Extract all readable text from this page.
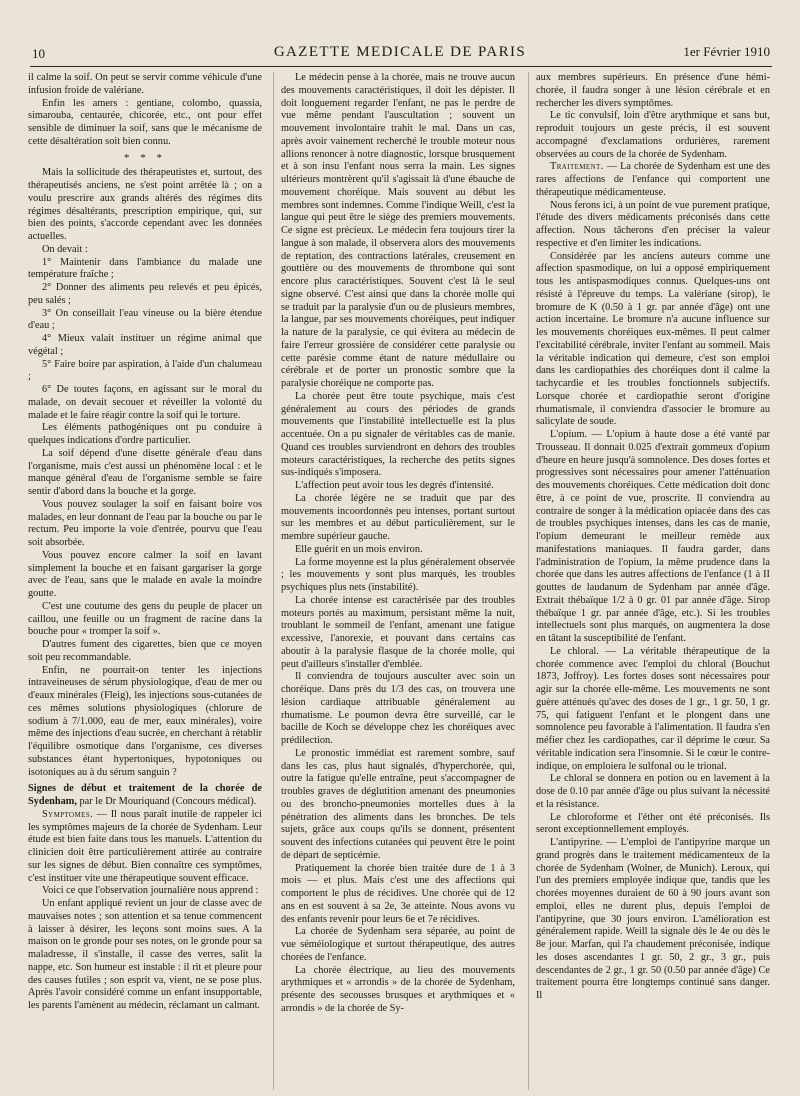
10	GAZETTE MEDICALE DE PARIS	1er Février 1910

il calme la soif. On peut se servir comme véhicule d'une infusion froide de valériane.

Enfin les amers : gentiane, colombo, quassia, simarouba, centaurée, chicorée, etc., ont pour effet sensible de diminuer la soif, sans que le mécanisme de cette désaltération soit bien connu.

* * *

Mais la sollicitude des thérapeutistes et, surtout, des thérapeutisés anciens, ne s'est point arrêtée là ; on a voulu prescrire aux grands altérés des régimes dits régimes désaltérants, prescription empirique, qui, sur bien des points, s'accorde cependant avec les données actuelles.

On devait :

1° Maintenir dans l'ambiance du malade une température fraîche ;

2° Donner des aliments peu relevés et peu épicés, peu salés ;

3° On conseillait l'eau vineuse ou la bière étendue d'eau ;

4° Mieux valait instituer un régime animal que végétal ;

5° Faire boire par aspiration, à l'aide d'un chalumeau ;

6° De toutes façons, en agissant sur le moral du malade, on devait secouer et réveiller la volonté du malade et le faire réagir contre la soif qui le torture.

Les éléments pathogéniques ont pu conduire à quelques indications d'ordre particulier.

La soif dépend d'une disette générale d'eau dans l'organisme, mais c'est aussi un phénomène local : et le manque général d'eau de l'organisme semble se faire sentir d'abord dans la bouche et la gorge.

Vous pouvez soulager la soif en faisant boire vos malades, en leur donnant de l'eau par la bouche ou par le rectum. Peu importe la voie d'entrée, pourvu que l'eau soit absorbée.

Vous pouvez encore calmer la soif en lavant simplement la bouche et en faisant gargariser la gorge avec de l'eau, sans que le malade en avale la moindre goutte.

C'est une coutume des gens du peuple de placer un caillou, une feuille ou un fragment de racine dans la bouche pour « tromper la soif ».

D'autres fument des cigarettes, bien que ce moyen soit peu recommandable.

Enfin, ne pourrait-on tenter les injections intraveineuses de sérum physiologique, d'eau de mer ou d'eaux minérales (Fleig), les injections sous-cutanées de ces mêmes solutions physiologiques (chlorure de sodium à 7/1.000, eau de mer, eaux minérales), voire même des injections d'eau sucrée, en cherchant à rétablir l'équilibre osmotique dans l'organisme, ces diverses substances étant hypertoniques, hypotoniques ou isotoniques au à du sérum sanguin ?

Signes de début et traitement de la chorée de Sydenham, par le Dr Mouriquand (Concours médical).

Symptomes. — Il nous paraît inutile de rappeler ici les symptômes majeurs de la chorée de Sydenham. Leur étude est bien faite dans tous les manuels. L'attention du clinicien doit être particulièrement attirée au contraire sur les signes de début. Bien connaître ces symptômes, c'est instituer vite une thérapeutique souvent efficace.

Voici ce que l'observation journalière nous apprend :

Un enfant appliqué revient un jour de classe avec de mauvaises notes ; son attention et sa tenue commencent à laisser à désirer, les leçons sont moins sues. A la maison on le gronde pour ses notes, on le gronde pour sa maladresse, il s'installe, il casse des verres, salit la nappe, etc. Son humeur est instable : il rit et pleure pour des causes futiles ; son esprit va, vient, ne se pose plus. Après l'avoir considéré comme un enfant insupportable, les parents l'amènent au médecin, réclamant un calmant.

Le médecin pense à la chorée, mais ne trouve aucun des mouvements caractéristiques, il doit les dépister. Il doit longuement regarder l'enfant, ne pas le perdre de vue même pendant l'auscultation ; souvent un mouvement involontaire trahit le mal. Dans un cas, après avoir vainement recherché le trouble moteur nous allions renoncer à notre diagnostic, lorsque brusquement et à son insu l'enfant nous serra la main. Les signes ultérieurs montrèrent qu'il s'agissait là d'une ébauche de mouvement choréique. Mais souvent au début les membres sont indemnes. Comme l'indique Weill, c'est la langue qui peut être le siège des premiers mouvements. Ce signe est précieux. Le médecin fera toujours tirer la langue à son malade, il observera alors des mouvements de reptation, des contractions latérales, creusement en gouttière ou des mouvements de thrombone qui sont encore plus caractéristiques. Souvent c'est là le seul signe observé. C'est ainsi que dans la chorée molle qui se traduit par la paralysie d'un ou de plusieurs membres, la langue, par ses mouvements choréiques, peut indiquer la nature de la paralysie, ce qui évitera au médecin de faire l'erreur grossière de considérer cette paralysie ou cette parésie comme étant de nature médullaire ou cérébrale et de porter un pronostic sombre que la paralysie choréique ne comporte pas.

La chorée peut être toute psychique, mais c'est généralement au cours des périodes de grands mouvements que l'instabilité intellectuelle est la plus accentuée. On a pu signaler de véritables cas de manie. Quand ces troubles surviendront en dehors des troubles moteurs caractéristiques, la recherche des petits signes sus-indiqués s'imposera.

L'affection peut avoir tous les degrés d'intensité.

La chorée légère ne se traduit que par des mouvements incoordonnés peu intenses, portant surtout sur les membres et au début particulièrement, sur le membre supérieur gauche.

Elle guérit en un mois environ.

La forme moyenne est la plus généralement observée ; les mouvements y sont plus marqués, les troubles psychiques plus nets (instabilité).

La chorée intense est caractérisée par des troubles moteurs portés au maximum, persistant même la nuit, troublant le sommeil de l'enfant, amenant une fatigue excessive, l'anorexie, et pouvant dans certains cas aboutir à la paralysie flasque de la chorée molle, qui peut d'ailleurs s'installer d'emblée.

Il conviendra de toujours ausculter avec soin un choréique. Dans près du 1/3 des cas, on trouvera une lésion cardiaque attribuable généralement au rhumatisme. Le poumon devra être surveillé, car le bacille de Koch se développe chez les choréiques avec prédilection.

Le pronostic immédiat est rarement sombre, sauf dans les cas, plus haut signalés, d'hyperchorée, qui, outre la fatigue qu'elle entraîne, peut s'accompagner de troubles graves de déglutition amenant des pneumonies ou des broncho-pneumonies mortelles dues à la pénétration des aliments dans les bronches. De tels sujets, grâce aux coups qu'ils se donnent, présentent souvent des infections cutanées qui peuvent être le point de départ de septicémie.

Pratiquement la chorée bien traitée dure de 1 à 3 mois — et plus. Mais c'est une des affections qui comportent le plus de récidives. Une chorée qui de 12 ans en est souvent à sa 2e, 3e atteinte. Nous avons vu des enfants revenir pour leurs 6e et 7e récidives.

La chorée de Sydenham sera séparée, au point de vue séméiologique et surtout thérapeutique, des autres chorées de l'enfance.

La chorée électrique, au lieu des mouvements arythmiques et « arrondis » de la chorée de Sydenham, présente des secousses brusques et arythmiques et « arrondis » de la chorée de Sy-

aux membres supérieurs. En présence d'une hémi-chorée, il faudra songer à une lésion cérébrale et en rechercher les divers symptômes.

Le tic convulsif, loin d'être arythmique et sans but, reproduit toujours un geste précis, il est souvent accompagné d'exclamations ordurières, rarement observées au cours de la chorée de Sydenham.

Traitement. — La chorée de Sydenham est une des rares affections de l'enfance qui comportent une thérapeutique médicamenteuse.

Nous ferons ici, à un point de vue purement pratique, l'étude des divers médicaments préconisés dans cette affection. Nous tâcherons d'en préciser la valeur respective et d'en limiter les indications.

Considérée par les anciens auteurs comme une affection spasmodique, on lui a opposé empiriquement tous les antispasmodiques connus. Quelques-uns ont résisté à l'épreuve du temps. La valériane (sirop), le bromure de K (0.50 à 1 gr. par année d'âge) ont une action incertaine. Le bromure n'a aucune influence sur les mouvements choréiques eux-mêmes. Il peut calmer l'excitabilité cérébrale, inviter l'enfant au sommeil. Mais la véritable indication qui demeure, c'est son emploi dans les cardiopathies des choréiques dont il calme la tachycardie et les troubles fonctionnels subjectifs. Lorsque chorée et cardiopathie seront d'origine rhumatismale, il conviendra d'associer le bromure au salicylate de soude.

L'opium. — L'opium à haute dose a été vanté par Trousseau. Il donnait 0.025 d'extrait gommeux d'opium d'heure en heure jusqu'à somnolence. Des doses fortes et progressives sont nécessaires pour amener l'atténuation des mouvements choréiques. Cette médication doit donc être, à ce point de vue, proscrite. Il conviendra au contraire de songer à la médication opiacée dans des cas de troubles psychiques intenses, dans les cas de manie, l'opium demeurant le meilleur remède aux manifestations maniaques. Il faudra garder, dans l'administration de l'opium, la même prudence dans la chorée que dans les autres affections de l'enfance (1 à II gouttes de laudanum de Sydenham par année d'âge. Extrait thébaïque 1/2 à 0 gr. 01 par année d'âge. Sirop thébaïque 1 gr. par année d'âge, etc.). Si les troubles intellectuels sont plus marqués, on augmentera la dose en tâtant la susceptibilité de l'enfant.

Le chloral. — La véritable thérapeutique de la chorée commence avec l'emploi du chloral (Bouchut 1873, Joffroy). Les fortes doses sont nécessaires pour agir sur la chorée elle-même. Les mouvements ne sont guère atténués qu'avec des doses de 1 gr., 1 gr. 50, 1 gr. 75, qui fatiguent l'enfant et le plongent dans une somnolence peu favorable à l'alimentation. Il faudra s'en méfier chez les cardiopathes, car il déprime le cœur. Sa véritable indication sera l'insomnie. Si le cœur le contre-indique, on emploiera le sulfonal ou le trional.

Le chloral se donnera en potion ou en lavement à la dose de 0.10 par année d'âge ou plus suivant la nécessité et la résistance.

Le chloroforme et l'éther ont été préconisés. Ils seront exceptionnellement employés.

L'antipyrine. — L'emploi de l'antipyrine marque un grand progrès dans le traitement médicamenteux de la chorée de Sydenham (Wolner, de Munich). Leroux, qui l'un des premiers employée indique que, tandis que les chorées moyennes duraient de 60 à 90 jours avant son emploi, elles ne durent plus, depuis l'emploi de l'antipyrine, que 30 jours environ. L'amélioration est généralement rapide. Weill la signale dès le 4e ou dès le 8e jour. Marfan, qui l'a chaudement préconisée, indique les doses ascendantes 1 gr. 50, 2 gr., 3 gr., puis descendantes de 2 gr., 1 gr. 50 (0.50 par année d'âge) Ce traitement pourra être longtemps continué sans danger. Il
